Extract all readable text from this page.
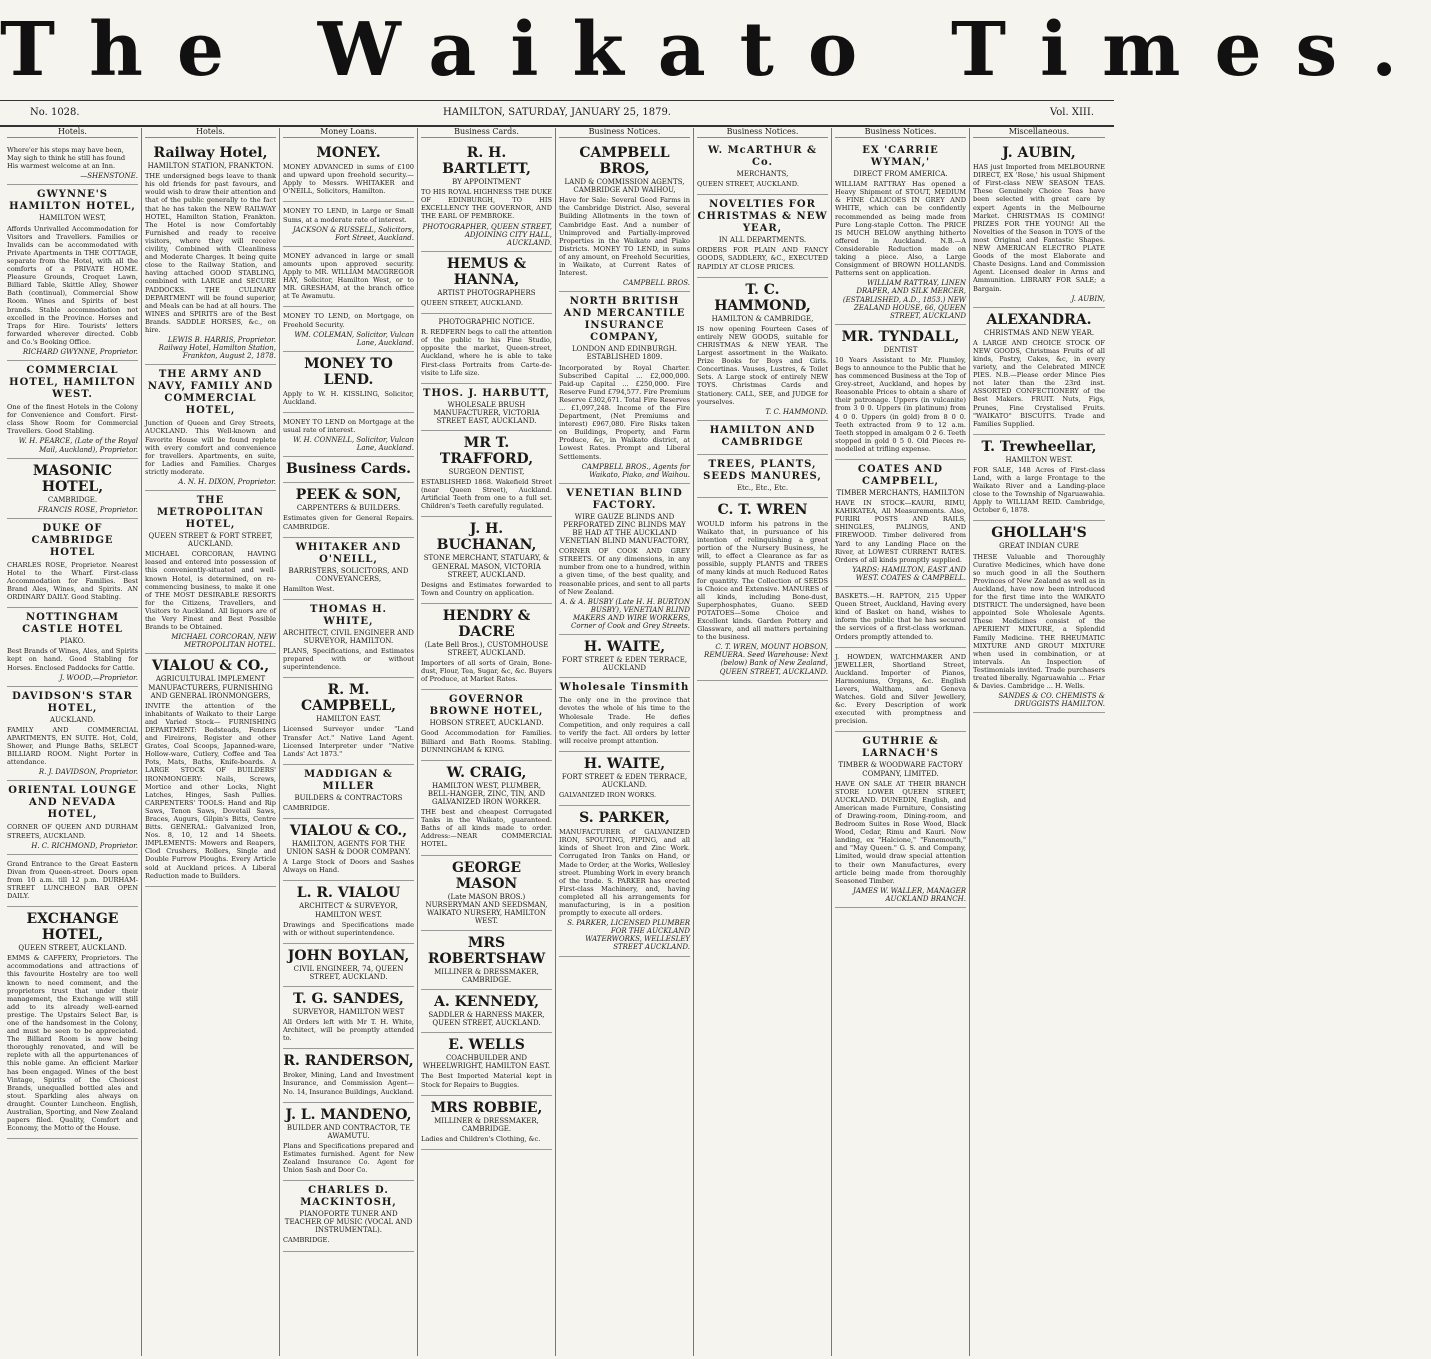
The Waikato Times.
No. 1028.	HAMILTON, SATURDAY, JANUARY 25, 1879.	Vol. XIII.
Hotels.
Where'er his steps may have been,
May sigh to think he still has found
His warmest welcome at an Inn.
—SHENSTONE.
GWYNNE'S HAMILTON HOTEL,
HAMILTON WEST,
Affords Unrivalled Accommodation for Visitors and Travellers. Families or Invalids can be accommodated with Private Apartments in THE COTTAGE, separate from the Hotel, with all the comforts of a PRIVATE HOME. Pleasure Grounds, Croquet Lawn, Billiard Table, Skittle Alley, Shower Bath (continual), Commercial Show Room. Wines and Spirits of best brands. Stable accommodation not excelled in the Province. Horses and Traps for Hire. Tourists' letters forwarded wherever directed. Cobb and Co.'s Booking Office.
RICHARD GWYNNE, Proprietor.
COMMERCIAL HOTEL, HAMILTON WEST.
One of the finest Hotels in the Colony for Convenience and Comfort. First-class Show Room for Commercial Travellers. Good Stabling.
W. H. PEARCE, (Late of the Royal Mail, Auckland), Proprietor.
MASONIC HOTEL,
CAMBRIDGE.
FRANCIS ROSE, Proprietor.
DUKE OF CAMBRIDGE HOTEL
CHARLES ROSE, Proprietor. Nearest Hotel to the Wharf. First-class Accommodation for Families. Best Brand Ales, Wines, and Spirits. AN ORDINARY DAILY. Good Stabling.
NOTTINGHAM CASTLE HOTEL
PIAKO.
Best Brands of Wines, Ales, and Spirits kept on hand. Good Stabling for Horses. Enclosed Paddocks for Cattle.
J. WOOD,—Proprietor.
DAVIDSON'S STAR HOTEL,
AUCKLAND.
FAMILY AND COMMERCIAL APARTMENTS, EN SUITE. Hot, Cold, Shower, and Plunge Baths, SELECT BILLIARD ROOM. Night Porter in attendance.
R. J. DAVIDSON, Proprietor.
ORIENTAL LOUNGE AND NEVADA HOTEL,
CORNER OF QUEEN AND DURHAM STREETS, AUCKLAND.
H. C. RICHMOND, Proprietor.
Grand Entrance to the Great Eastern Divan from Queen-street. Doors open from 10 a.m. till 12 p.m. DURHAM-STREET LUNCHEON BAR OPEN DAILY.
EXCHANGE HOTEL,
QUEEN STREET, AUCKLAND.
EMMS & CAFFERY, Proprietors. The accommodations and attractions of this favourite Hostelry are too well known to need comment, and the proprietors trust that under their management, the Exchange will still add to its already well-earned prestige. The Upstairs Select Bar, is one of the handsomest in the Colony, and must be seen to be appreciated. The Billiard Room is now being thoroughly renovated, and will be replete with all the appurtenances of this noble game. An efficient Marker has been engaged. Wines of the best Vintage, Spirits of the Choicest Brands, unequalled bottled ales and stout. Sparkling ales always on draught. Counter Luncheon. English, Australian, Sporting, and New Zealand papers filed. Quality, Comfort and Economy, the Motto of the House.
Hotels.
Railway Hotel,
HAMILTON STATION, FRANKTON.
THE undersigned begs leave to thank his old friends for past favours, and would wish to draw their attention and that of the public generally to the fact that he has taken the NEW RAILWAY HOTEL, Hamilton Station, Frankton. The Hotel is now Comfortably Furnished and ready to receive visitors, where they will receive civility, Combined with Cleanliness and Moderate Charges. It being quite close to the Railway Station, and having attached GOOD STABLING, combined with LARGE and SECURE PADDOCKS. THE CULINARY DEPARTMENT will be found superior, and Meals can be had at all hours. The WINES and SPIRITS are of the Best Brands. SADDLE HORSES, &c., on hire.
LEWIS B. HARRIS, Proprietor. Railway Hotel, Hamilton Station, Frankton, August 2, 1878.
THE ARMY AND NAVY, FAMILY AND COMMERCIAL HOTEL,
Junction of Queen and Grey Streets, AUCKLAND. This Well-known and Favorite House will be found replete with every comfort and convenience for travellers. Apartments, en suite, for Ladies and Families. Charges strictly moderate.
A. N. H. DIXON, Proprietor.
THE METROPOLITAN HOTEL,
QUEEN STREET & FORT STREET, AUCKLAND.
MICHAEL CORCORAN, HAVING leased and entered into possession of this conveniently-situated and well-known Hotel, is determined, on re-commencing business, to make it one of THE MOST DESIRABLE RESORTS for the Citizens, Travellers, and Visitors to Auckland. All liquors are of the Very Finest and Best Possible Brands to be Obtained.
MICHAEL CORCORAN, NEW METROPOLITAN HOTEL.
VIALOU & CO.,
AGRICULTURAL IMPLEMENT MANUFACTURERS, FURNISHING AND GENERAL IRONMONGERS,
INVITE the attention of the inhabitants of Waikato to their Large and Varied Stock— FURNISHING DEPARTMENT: Bedsteads, Fenders and Fireirons, Register and other Grates, Coal Scoops, Japanned-ware, Hollow-ware, Cutlery, Coffee and Tea Pots, Mats, Baths, Knife-boards. A LARGE STOCK OF BUILDERS' IRONMONGERY: Nails, Screws, Mortice and other Locks, Night Latches, Hinges, Sash Pullies. CARPENTERS' TOOLS: Hand and Rip Saws, Tenon Saws, Dovetail Saws, Braces, Augurs, Gilpin's Bitts, Centre Bitts. GENERAL: Galvanized Iron, Nos. 8, 10, 12 and 14 Sheets. IMPLEMENTS: Mowers and Reapers, Clod Crushers, Rollers, Single and Double Furrow Ploughs. Every Article sold at Auckland prices. A Liberal Reduction made to Builders.
Money Loans.
MONEY.
MONEY ADVANCED in sums of £100 and upward upon freehold security.—Apply to Messrs. WHITAKER and O'NEILL, Solicitors, Hamilton.
MONEY TO LEND, in Large or Small Sums, at a moderate rate of interest.
JACKSON & RUSSELL, Solicitors, Fort Street, Auckland.
MONEY advanced in large or small amounts upon approved security. Apply to MR. WILLIAM MACGREGOR HAY, Solicitor, Hamilton West, or to MR. GRESHAM, at the branch office at Te Awamutu.
MONEY TO LEND, on Mortgage, on Freehold Security.
WM. COLEMAN, Solicitor, Vulcan Lane, Auckland.
MONEY TO LEND.
Apply to W. H. KISSLING, Solicitor, Auckland.
MONEY TO LEND on Mortgage at the usual rate of interest.
W. H. CONNELL, Solicitor, Vulcan Lane, Auckland.
Business Cards.
PEEK & SON,
CARPENTERS & BUILDERS.
Estimates given for General Repairs. CAMBRIDGE.
WHITAKER AND O'NEILL,
BARRISTERS, SOLICITORS, AND CONVEYANCERS,
Hamilton West.
THOMAS H. WHITE,
ARCHITECT, CIVIL ENGINEER AND SURVEYOR, HAMILTON.
PLANS, Specifications, and Estimates prepared with or without superintendence.
R. M. CAMPBELL,
HAMILTON EAST.
Licensed Surveyor under "Land Transfer Act." Native Land Agent. Licensed Interpreter under "Native Lands' Act 1873."
MADDIGAN & MILLER
BUILDERS & CONTRACTORS
CAMBRIDGE.
VIALOU & CO.,
HAMILTON, AGENTS FOR THE UNION SASH & DOOR COMPANY.
A Large Stock of Doors and Sashes Always on Hand.
L. R. VIALOU
ARCHITECT & SURVEYOR, HAMILTON WEST.
Drawings and Specifications made with or without superintendence.
JOHN BOYLAN,
CIVIL ENGINEER, 74, QUEEN STREET, AUCKLAND.
T. G. SANDES,
SURVEYOR, HAMILTON WEST
All Orders left with Mr T. H. White, Architect, will be promptly attended to.
R. RANDERSON,
Broker, Mining, Land and Investment Insurance, and Commission Agent—No. 14, Insurance Buildings, Auckland.
J. L. MANDENO,
BUILDER AND CONTRACTOR, TE AWAMUTU.
Plans and Specifications prepared and Estimates furnished. Agent for New Zealand Insurance Co. Agent for Union Sash and Door Co.
CHARLES D. MACKINTOSH,
PIANOFORTE TUNER AND TEACHER OF MUSIC (VOCAL AND INSTRUMENTAL).
CAMBRIDGE.
Business Cards.
R. H. BARTLETT,
BY APPOINTMENT
TO HIS ROYAL HIGHNESS THE DUKE OF EDINBURGH, TO HIS EXCELLENCY THE GOVERNOR, AND THE EARL OF PEMBROKE.
PHOTOGRAPHER, QUEEN STREET, ADJOINING CITY HALL, AUCKLAND.
HEMUS & HANNA,
ARTIST PHOTOGRAPHERS
QUEEN STREET, AUCKLAND.
PHOTOGRAPHIC NOTICE.
R. REDFERN begs to call the attention of the public to his Fine Studio, opposite the market, Queen-street, Auckland, where he is able to take First-class Portraits from Carte-de-visite to Life size.
THOS. J. HARBUTT,
WHOLESALE BRUSH MANUFACTURER, VICTORIA STREET EAST, AUCKLAND.
MR T. TRAFFORD,
SURGEON DENTIST,
ESTABLISHED 1868. Wakefield Street (near Queen Street), Auckland. Artificial Teeth from one to a full set. Children's Teeth carefully regulated.
J. H. BUCHANAN,
STONE MERCHANT, STATUARY, & GENERAL MASON, VICTORIA STREET, AUCKLAND.
Designs and Estimates forwarded to Town and Country on application.
HENDRY & DACRE
(Late Bell Bros.), CUSTOMHOUSE STREET, AUCKLAND.
Importers of all sorts of Grain, Bone-dust, Flour, Tea, Sugar, &c, &c. Buyers of Produce, at Market Rates.
GOVERNOR BROWNE HOTEL,
HOBSON STREET, AUCKLAND.
Good Accommodation for Families. Billiard and Bath Rooms. Stabling. DUNNINGHAM & KING.
W. CRAIG,
HAMILTON WEST, PLUMBER, BELL-HANGER, ZINC, TIN, AND GALVANIZED IRON WORKER.
THE best and cheapest Corrugated Tanks in the Waikato, guaranteed. Baths of all kinds made to order. Address:—NEAR COMMERCIAL HOTEL.
GEORGE MASON
(Late MASON BROS.) NURSERYMAN AND SEEDSMAN, WAIKATO NURSERY, HAMILTON WEST.
MRS ROBERTSHAW
MILLINER & DRESSMAKER, CAMBRIDGE.
A. KENNEDY,
SADDLER & HARNESS MAKER, QUEEN STREET, AUCKLAND.
E. WELLS
COACHBUILDER AND WHEELWRIGHT, HAMILTON EAST.
The Best Imported Material kept in Stock for Repairs to Buggies.
MRS ROBBIE,
MILLINER & DRESSMAKER, CAMBRIDGE.
Ladies and Children's Clothing, &c.
Business Notices.
CAMPBELL BROS,
LAND & COMMISSION AGENTS, CAMBRIDGE AND WAIHOU,
Have for Sale: Several Good Farms in the Cambridge District. Also, several Building Allotments in the town of Cambridge East. And a number of Unimproved and Partially-improved Properties in the Waikato and Piako Districts. MONEY TO LEND, in sums of any amount, on Freehold Securities, in Waikato, at Current Rates of Interest.
CAMPBELL BROS.
NORTH BRITISH AND MERCANTILE INSURANCE COMPANY,
LONDON AND EDINBURGH. ESTABLISHED 1809.
Incorporated by Royal Charter. Subscribed Capital ... £2,000,000. Paid-up Capital ... £250,000. Fire Reserve Fund £794,577. Fire Premium Reserve £302,671. Total Fire Reserves ... £1,097,248. Income of the Fire Department, (Net Premiums and interest) £967,080. Fire Risks taken on Buildings, Property, and Farm Produce, &c, in Waikato district, at Lowest Rates. Prompt and Liberal Settlements.
CAMPBELL BROS., Agents for Waikato, Piako, and Waihou.
VENETIAN BLIND FACTORY.
WIRE GAUZE BLINDS AND PERFORATED ZINC BLINDS MAY BE HAD AT THE AUCKLAND VENETIAN BLIND MANUFACTORY,
CORNER OF COOK AND GREY STREETS. Of any dimensions, in any number from one to a hundred, within a given time, of the best quality, and reasonable prices, and sent to all parts of New Zealand.
A. & A. BUSBY (Late H. H. BURTON BUSBY), VENETIAN BLIND MAKERS AND WIRE WORKERS, Corner of Cook and Grey Streets.
H. WAITE,
FORT STREET & EDEN TERRACE, AUCKLAND
Wholesale Tinsmith
The only one in the province that devotes the whole of his time to the Wholesale Trade. He defies Competition, and only requires a call to verify the fact. All orders by letter will receive prompt attention.
H. WAITE,
FORT STREET & EDEN TERRACE, AUCKLAND.
GALVANIZED IRON WORKS.
S. PARKER,
MANUFACTURER of GALVANIZED IRON, SPOUTING, PIPING, and all kinds of Sheet Iron and Zinc Work. Corrugated Iron Tanks on Hand, or Made to Order, at the Works, Wellesley street. Plumbing Work in every branch of the trade. S. PARKER has erected First-class Machinery, and, having completed all his arrangements for manufacturing, is in a position promptly to execute all orders.
S. PARKER, LICENSED PLUMBER FOR THE AUCKLAND WATERWORKS, WELLESLEY STREET AUCKLAND.
Business Notices.
W. McARTHUR & Co.
MERCHANTS,
QUEEN STREET, AUCKLAND.
NOVELTIES FOR CHRISTMAS & NEW YEAR,
IN ALL DEPARTMENTS.
ORDERS FOR PLAIN AND FANCY GOODS, SADDLERY, &C., EXECUTED RAPIDLY AT CLOSE PRICES.
T. C. HAMMOND,
HAMILTON & CAMBRIDGE,
IS now opening Fourteen Cases of entirely NEW GOODS, suitable for CHRISTMAS & NEW YEAR. The Largest assortment in the Waikato. Prize Books for Boys and Girls. Concertinas. Vauses, Lustres, & Toilet Sets. A Large stock of entirely NEW TOYS. Christmas Cards and Stationery. CALL, SEE, and JUDGE for yourselves.
T. C. HAMMOND.
HAMILTON AND CAMBRIDGE
TREES, PLANTS, SEEDS MANURES,
Etc., Etc., Etc.
C. T. WREN
WOULD inform his patrons in the Waikato that, in pursuance of his intention of relinquishing a great portion of the Nursery Business, he will, to effect a Clearance as far as possible, supply PLANTS and TREES of many kinds at much Reduced Rates for quantity. The Collection of SEEDS is Choice and Extensive. MANURES of all kinds, including Bone-dust, Superphosphates, Guano. SEED POTATOES—Some Choice and Excellent kinds. Garden Pottery and Glassware, and all matters pertaining to the business.
C. T. WREN, MOUNT HOBSON, REMUERA. Seed Warehouse: Next (below) Bank of New Zealand, QUEEN STREET, AUCKLAND.
Business Notices.
EX 'CARRIE WYMAN,'
DIRECT FROM AMERICA.
WILLIAM RATTRAY Has opened a Heavy Shipment of STOUT, MEDIUM & FINE CALICOES IN GREY AND WHITE, which can be confidently recommended as being made from Pure Long-staple Cotton. The PRICE IS MUCH BELOW anything hitherto offered in Auckland. N.B.—A Considerable Reduction made on taking a piece. Also, a Large Consignment of BROWN HOLLANDS. Patterns sent on application.
WILLIAM RATTRAY, LINEN DRAPER, AND SILK MERCER, (ESTABLISHED, A.D., 1853.) NEW ZEALAND HOUSE, 66, QUEEN STREET, AUCKLAND
MR. TYNDALL,
DENTIST
10 Years Assistant to Mr. Plumley, Begs to announce to the Public that he has commenced Business at the Top of Grey-street, Auckland, and hopes by Reasonable Prices to obtain a share of their patronage. Uppers (in vulcanite) from 3 0 0. Uppers (in platinum) from 4 0 0. Uppers (in gold) from 8 0 0. Teeth extracted from 9 to 12 a.m. Teeth stopped in amalgam 0 2 6. Teeth stopped in gold 0 5 0. Old Pieces re-modelled at trifling expense.
COATES AND CAMPBELL,
TIMBER MERCHANTS, HAMILTON
HAVE IN STOCK—KAURI, RIMU, KAHIKATEA, All Measurements. Also, PURIRI POSTS AND RAILS, SHINGLES, PALINGS, AND FIREWOOD. Timber delivered from Yard to any Landing Place on the River, at LOWEST CURRENT RATES. Orders of all kinds promptly supplied.
YARDS: HAMILTON, EAST AND WEST. COATES & CAMPBELL.
BASKETS.—H. RAPTON, 215 Upper Queen Street, Auckland, Having every kind of Basket on hand, wishes to inform the public that he has secured the services of a first-class workman. Orders promptly attended to.
J. HOWDEN, WATCHMAKER AND JEWELLER, Shortland Street, Auckland. Importer of Pianos, Harmoniums, Organs, &c. English Levers, Waltham, and Geneva Watches. Gold and Silver Jewellery, &c. Every Description of work executed with promptness and precision.
GUTHRIE & LARNACH'S
TIMBER & WOODWARE FACTORY COMPANY, LIMITED.
HAVE ON SALE AT THEIR BRANCH STORE LOWER QUEEN STREET, AUCKLAND. DUNEDIN, English, and American made Furniture, Consisting of Drawing-room, Dining-room, and Bedroom Suites in Rose Wood, Black Wood, Cedar, Rimu and Kauri. Now landing, ex "Halcione," "Fanemouth," and "May Queen." G. S. and Company, Limited, would draw special attention to their own Manufactures, every article being made from thoroughly Seasoned Timber.
JAMES W. WALLER, MANAGER AUCKLAND BRANCH.
Miscellaneous.
J. AUBIN,
HAS just Imported from MELBOURNE DIRECT, EX 'Rose,' his usual Shipment of First-class NEW SEASON TEAS. These Genuinely Choice Teas have been selected with great care by expert Agents in the Melbourne Market. CHRISTMAS IS COMING! PRIZES FOR THE YOUNG! All the Novelties of the Season in TOYS of the most Original and Fantastic Shapes. NEW AMERICAN ELECTRO PLATE Goods of the most Elaborate and Chaste Designs. Land and Commission Agent. Licensed dealer in Arms and Ammunition. LIBRARY FOR SALE; a Bargain.
J. AUBIN,
ALEXANDRA.
CHRISTMAS AND NEW YEAR.
A LARGE AND CHOICE STOCK OF NEW GOODS, Christmas Fruits of all kinds, Pastry, Cakes, &c, in every variety, and the Celebrated MINCE PIES. N.B.—Please order Mince Pies not later than the 23rd inst. ASSORTED CONFECTIONERY of the Best Makers. FRUIT. Nuts, Figs, Prunes, Fine Crystalised Fruits. "WAIKATO" BISCUITS. Trade and Families Supplied.
T. Trewheellar,
HAMILTON WEST.
FOR SALE, 148 Acres of First-class Land, with a large Frontage to the Waikato River and a Landing-place close to the Township of Ngaruawahia. Apply to WILLIAM REID. Cambridge, October 6, 1878.
GHOLLAH'S
GREAT INDIAN CURE
THESE Valuable and Thoroughly Curative Medicines, which have done so much good in all the Southern Provinces of New Zealand as well as in Auckland, have now been introduced for the first time into the WAIKATO DISTRICT. The undersigned, have been appointed Sole Wholesale Agents. These Medicines consist of the APERIENT MIXTURE, a Splendid Family Medicine. THE RHEUMATIC MIXTURE AND GROUT MIXTURE when used in combination, or at intervals. An Inspection of Testimonials invited. Trade purchasers treated liberally. Ngaruawahia ... Friar & Davies. Cambridge ... H. Wells.
SANDES & CO. CHEMISTS & DRUGGISTS HAMILTON.
